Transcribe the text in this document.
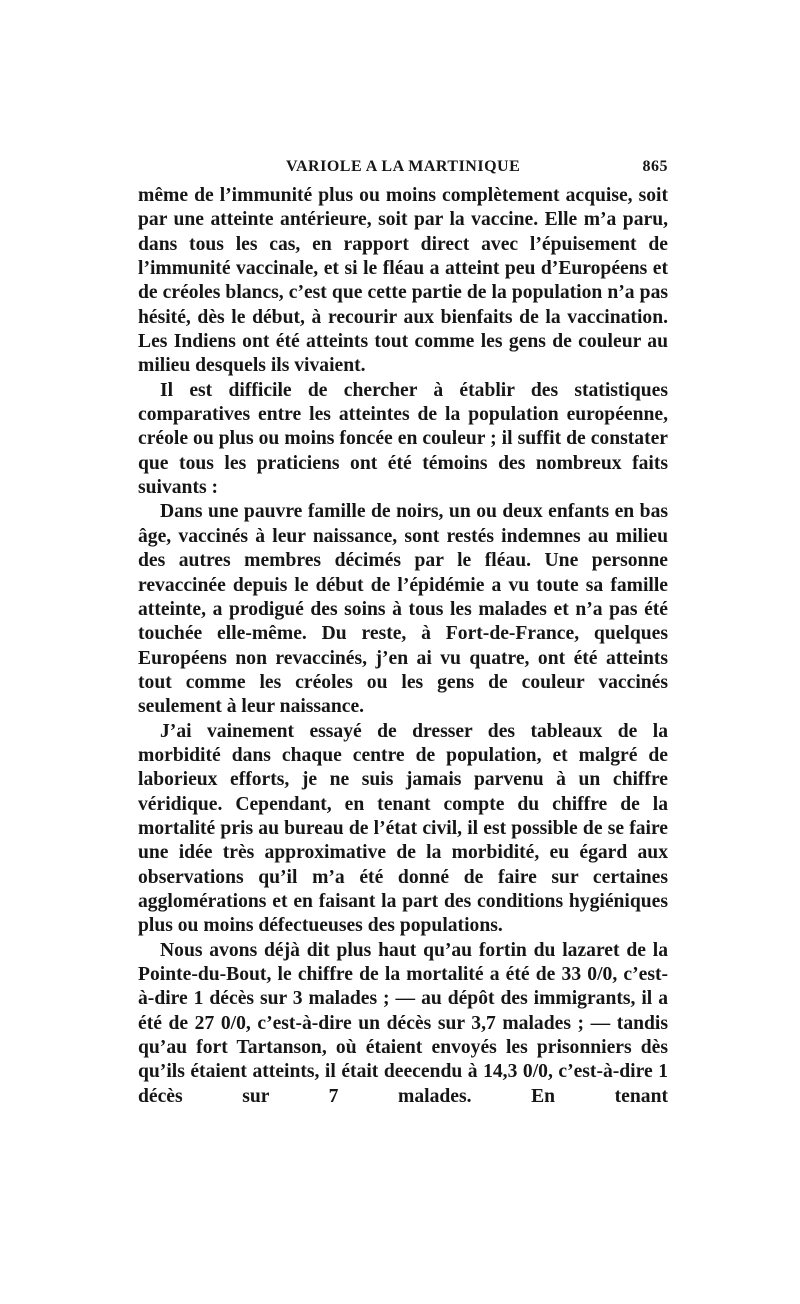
VARIOLE A LA MARTINIQUE	865

même de l’immunité plus ou moins complètement acquise, soit par une atteinte antérieure, soit par la vaccine. Elle m’a paru, dans tous les cas, en rapport direct avec l’épuisement de l’immunité vaccinale, et si le fléau a atteint peu d’Européens et de créoles blancs, c’est que cette partie de la population n’a pas hésité, dès le début, à recourir aux bienfaits de la vaccination. Les Indiens ont été atteints tout comme les gens de couleur au milieu desquels ils vivaient.

Il est difficile de chercher à établir des statistiques comparatives entre les atteintes de la population européenne, créole ou plus ou moins foncée en couleur ; il suffit de constater que tous les praticiens ont été témoins des nombreux faits suivants :

Dans une pauvre famille de noirs, un ou deux enfants en bas âge, vaccinés à leur naissance, sont restés indemnes au milieu des autres membres décimés par le fléau. Une personne revaccinée depuis le début de l’épidémie a vu toute sa famille atteinte, a prodigué des soins à tous les malades et n’a pas été touchée elle-même. Du reste, à Fort-de-France, quelques Européens non revaccinés, j’en ai vu quatre, ont été atteints tout comme les créoles ou les gens de couleur vaccinés seulement à leur naissance.

J’ai vainement essayé de dresser des tableaux de la morbidité dans chaque centre de population, et malgré de laborieux efforts, je ne suis jamais parvenu à un chiffre véridique. Cependant, en tenant compte du chiffre de la mortalité pris au bureau de l’état civil, il est possible de se faire une idée très approximative de la morbidité, eu égard aux observations qu’il m’a été donné de faire sur certaines agglomérations et en faisant la part des conditions hygiéniques plus ou moins défectueuses des populations.

Nous avons déjà dit plus haut qu’au fortin du lazaret de la Pointe-du-Bout, le chiffre de la mortalité a été de 33 0/0, c’est-à-dire 1 décès sur 3 malades ; — au dépôt des immigrants, il a été de 27 0/0, c’est-à-dire un décès sur 3,7 malades ; — tandis qu’au fort Tartanson, où étaient envoyés les prisonniers dès qu’ils étaient atteints, il était deecendu à 14,3 0/0, c’est-à-dire 1 décès sur 7 malades. En tenant
